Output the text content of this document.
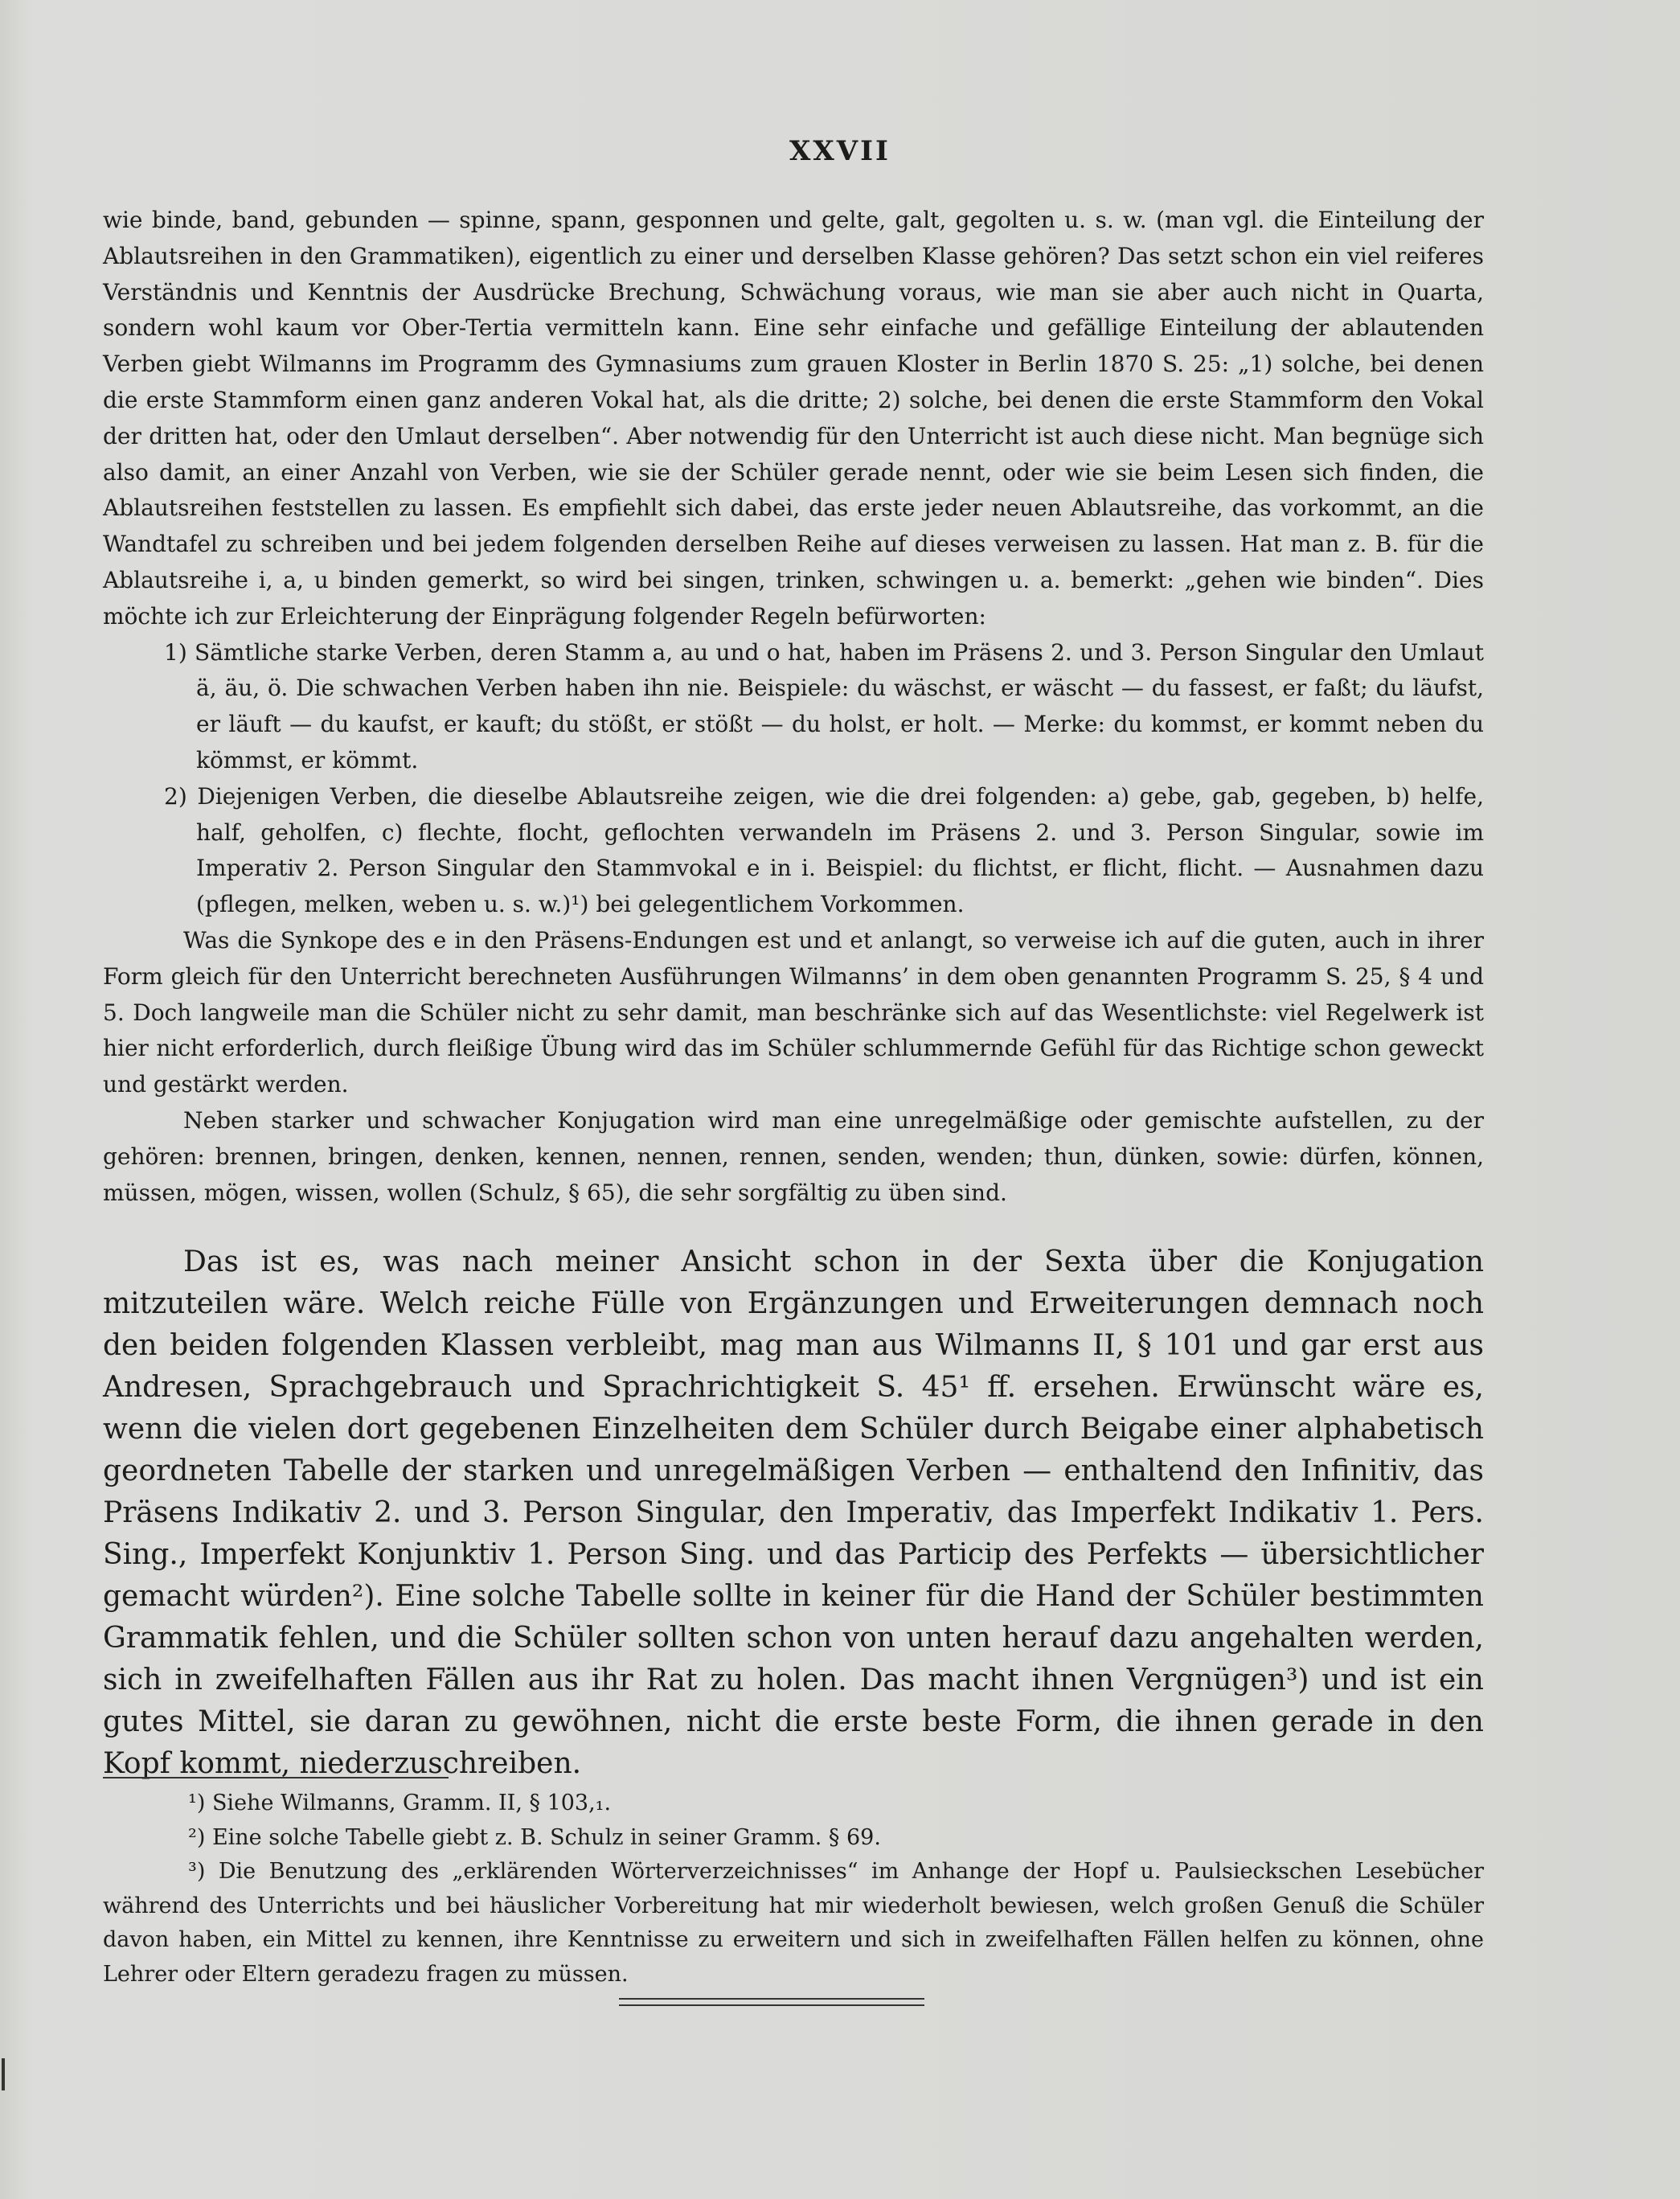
XXVII

wie binde, band, gebunden — spinne, spann, gesponnen und gelte, galt, gegolten u. s. w. (man vgl. die Einteilung der Ablautsreihen in den Grammatiken), eigentlich zu einer und derselben Klasse gehören? Das setzt schon ein viel reiferes Verständnis und Kenntnis der Ausdrücke Brechung, Schwächung voraus, wie man sie aber auch nicht in Quarta, sondern wohl kaum vor Ober-Tertia vermitteln kann. Eine sehr einfache und gefällige Einteilung der ablautenden Verben giebt Wilmanns im Programm des Gymnasiums zum grauen Kloster in Berlin 1870 S. 25: „1) solche, bei denen die erste Stammform einen ganz anderen Vokal hat, als die dritte; 2) solche, bei denen die erste Stammform den Vokal der dritten hat, oder den Umlaut derselben“. Aber notwendig für den Unterricht ist auch diese nicht. Man begnüge sich also damit, an einer Anzahl von Verben, wie sie der Schüler gerade nennt, oder wie sie beim Lesen sich finden, die Ablautsreihen feststellen zu lassen. Es empfiehlt sich dabei, das erste jeder neuen Ablautsreihe, das vorkommt, an die Wandtafel zu schreiben und bei jedem folgenden derselben Reihe auf dieses verweisen zu lassen. Hat man z. B. für die Ablautsreihe i, a, u binden gemerkt, so wird bei singen, trinken, schwingen u. a. bemerkt: „gehen wie binden“. Dies möchte ich zur Erleichterung der Einprägung folgender Regeln befürworten:

1) Sämtliche starke Verben, deren Stamm a, au und o hat, haben im Präsens 2. und 3. Person Singular den Umlaut ä, äu, ö. Die schwachen Verben haben ihn nie. Beispiele: du wäschst, er wäscht — du fassest, er faßt; du läufst, er läuft — du kaufst, er kauft; du stößt, er stößt — du holst, er holt. — Merke: du kommst, er kommt neben du kömmst, er kömmt.

2) Diejenigen Verben, die dieselbe Ablautsreihe zeigen, wie die drei folgenden: a) gebe, gab, gegeben, b) helfe, half, geholfen, c) flechte, flocht, geflochten verwandeln im Präsens 2. und 3. Person Singular, sowie im Imperativ 2. Person Singular den Stammvokal e in i. Beispiel: du flichtst, er flicht, flicht. — Ausnahmen dazu (pflegen, melken, weben u. s. w.)¹) bei gelegentlichem Vorkommen.

Was die Synkope des e in den Präsens-Endungen est und et anlangt, so verweise ich auf die guten, auch in ihrer Form gleich für den Unterricht berechneten Ausführungen Wilmanns’ in dem oben genannten Programm S. 25, § 4 und 5. Doch langweile man die Schüler nicht zu sehr damit, man beschränke sich auf das Wesentlichste: viel Regelwerk ist hier nicht erforderlich, durch fleißige Übung wird das im Schüler schlummernde Gefühl für das Richtige schon geweckt und gestärkt werden.

Neben starker und schwacher Konjugation wird man eine unregelmäßige oder gemischte aufstellen, zu der gehören: brennen, bringen, denken, kennen, nennen, rennen, senden, wenden; thun, dünken, sowie: dürfen, können, müssen, mögen, wissen, wollen (Schulz, § 65), die sehr sorgfältig zu üben sind.

Das ist es, was nach meiner Ansicht schon in der Sexta über die Konjugation mitzuteilen wäre. Welch reiche Fülle von Ergänzungen und Erweiterungen demnach noch den beiden folgenden Klassen verbleibt, mag man aus Wilmanns II, § 101 und gar erst aus Andresen, Sprachgebrauch und Sprachrichtigkeit S. 45¹ ff. ersehen. Erwünscht wäre es, wenn die vielen dort gegebenen Einzelheiten dem Schüler durch Beigabe einer alphabetisch geordneten Tabelle der starken und unregelmäßigen Verben — enthaltend den Infinitiv, das Präsens Indikativ 2. und 3. Person Singular, den Imperativ, das Imperfekt Indikativ 1. Pers. Sing., Imperfekt Konjunktiv 1. Person Sing. und das Particip des Perfekts — übersichtlicher gemacht würden²). Eine solche Tabelle sollte in keiner für die Hand der Schüler bestimmten Grammatik fehlen, und die Schüler sollten schon von unten herauf dazu angehalten werden, sich in zweifelhaften Fällen aus ihr Rat zu holen. Das macht ihnen Vergnügen³) und ist ein gutes Mittel, sie daran zu gewöhnen, nicht die erste beste Form, die ihnen gerade in den Kopf kommt, niederzuschreiben.

¹) Siehe Wilmanns, Gramm. II, § 103,₁.

²) Eine solche Tabelle giebt z. B. Schulz in seiner Gramm. § 69.

³) Die Benutzung des „erklärenden Wörterverzeichnisses“ im Anhange der Hopf u. Paulsieckschen Lesebücher während des Unterrichts und bei häuslicher Vorbereitung hat mir wiederholt bewiesen, welch großen Genuß die Schüler davon haben, ein Mittel zu kennen, ihre Kenntnisse zu erweitern und sich in zweifelhaften Fällen helfen zu können, ohne Lehrer oder Eltern geradezu fragen zu müssen.
